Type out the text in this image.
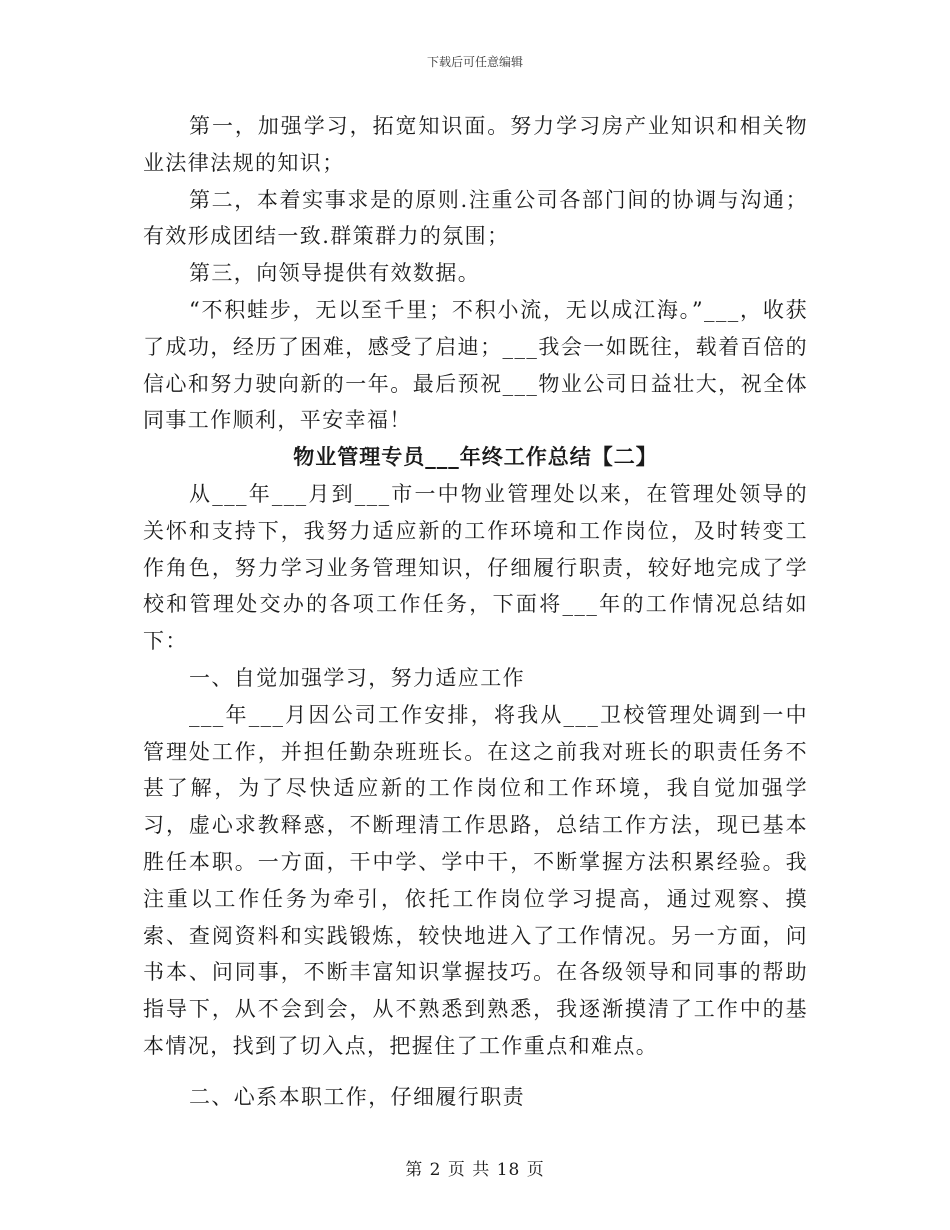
下载后可任意编辑

第一，加强学习，拓宽知识面。努力学习房产业知识和相关物业法律法规的知识；

第二，本着实事求是的原则.注重公司各部门间的协调与沟通；有效形成团结一致.群策群力的氛围；

第三，向领导提供有效数据。

“不积蛙步，无以至千里；不积小流，无以成江海。”___，收获了成功，经历了困难，感受了启迪；___我会一如既往，载着百倍的信心和努力驶向新的一年。最后预祝___物业公司日益壮大，祝全体同事工作顺利，平安幸福！

物业管理专员___年终工作总结【二】

从___年___月到___市一中物业管理处以来，在管理处领导的关怀和支持下，我努力适应新的工作环境和工作岗位，及时转变工作角色，努力学习业务管理知识，仔细履行职责，较好地完成了学校和管理处交办的各项工作任务，下面将___年的工作情况总结如下：

一、自觉加强学习，努力适应工作

___年___月因公司工作安排，将我从___卫校管理处调到一中管理处工作，并担任勤杂班班长。在这之前我对班长的职责任务不甚了解，为了尽快适应新的工作岗位和工作环境，我自觉加强学习，虚心求教释惑，不断理清工作思路，总结工作方法，现已基本胜任本职。一方面，干中学、学中干，不断掌握方法积累经验。我注重以工作任务为牵引，依托工作岗位学习提高，通过观察、摸索、查阅资料和实践锻炼，较快地进入了工作情况。另一方面，问书本、问同事，不断丰富知识掌握技巧。在各级领导和同事的帮助指导下，从不会到会，从不熟悉到熟悉，我逐渐摸清了工作中的基本情况，找到了切入点，把握住了工作重点和难点。

二、心系本职工作，仔细履行职责

第 2 页 共 18 页
